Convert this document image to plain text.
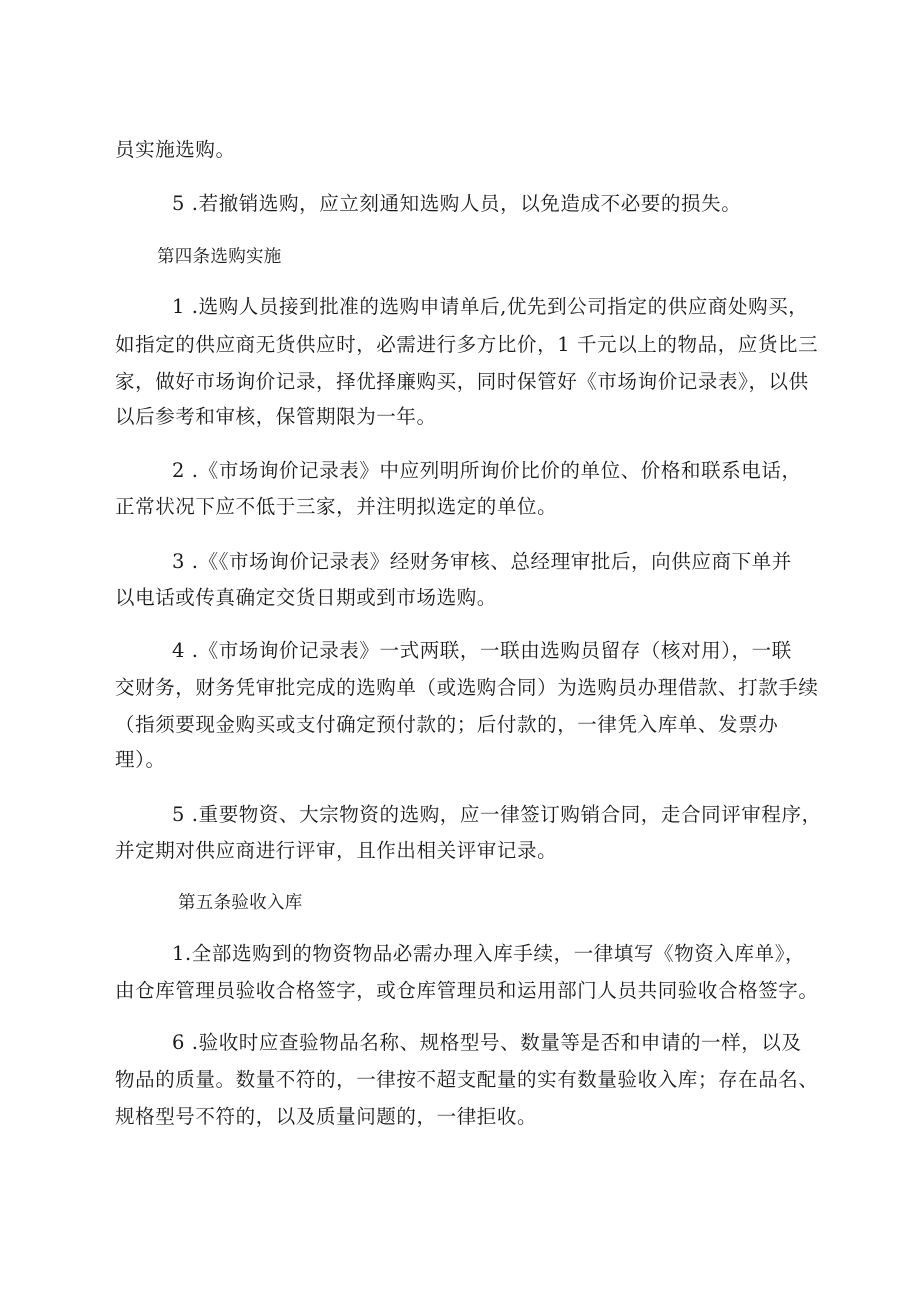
员实施选购。
5 .若撤销选购，应立刻通知选购人员，以免造成不必要的损失。
第四条选购实施
1 .选购人员接到批准的选购申请单后,优先到公司指定的供应商处购买，
如指定的供应商无货供应时，必需进行多方比价，1 千元以上的物品，应货比三
家，做好市场询价记录，择优择廉购买，同时保管好《市场询价记录表》，以供
以后参考和审核，保管期限为一年。
2 .《市场询价记录表》中应列明所询价比价的单位、价格和联系电话，
正常状况下应不低于三家，并注明拟选定的单位。
3 .《《市场询价记录表》经财务审核、总经理审批后，向供应商下单并
以电话或传真确定交货日期或到市场选购。
4 .《市场询价记录表》一式两联，一联由选购员留存（核对用），一联
交财务，财务凭审批完成的选购单（或选购合同）为选购员办理借款、打款手续
（指须要现金购买或支付确定预付款的；后付款的，一律凭入库单、发票办
理）。
5 .重要物资、大宗物资的选购，应一律签订购销合同，走合同评审程序，
并定期对供应商进行评审，且作出相关评审记录。
第五条验收入库
1.全部选购到的物资物品必需办理入库手续，一律填写《物资入库单》，
由仓库管理员验收合格签字，或仓库管理员和运用部门人员共同验收合格签字。
6 .验收时应查验物品名称、规格型号、数量等是否和申请的一样，以及
物品的质量。数量不符的，一律按不超支配量的实有数量验收入库；存在品名、
规格型号不符的，以及质量问题的，一律拒收。
